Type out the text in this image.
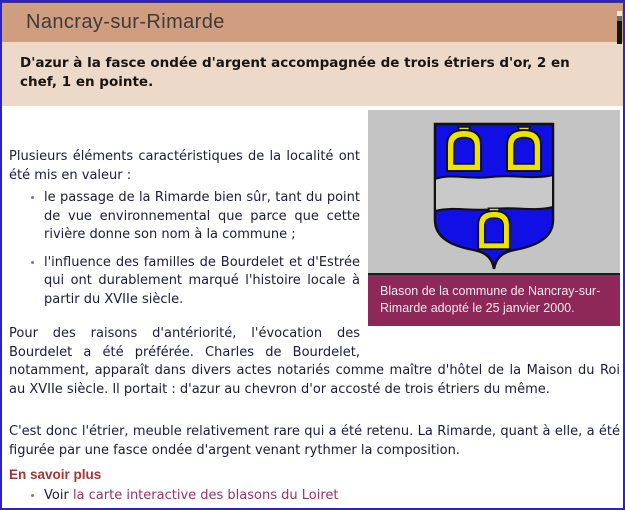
Nancray-sur-Rimarde

D'azur à la fasce ondée d'argent accompagnée de trois étriers d'or, 2 en chef, 1 en pointe.

Blason de la commune de Nancray-sur-Rimarde adopté le 25 janvier 2000.

Plusieurs éléments caractéristiques de la localité ont été mis en valeur :

• le passage de la Rimarde bien sûr, tant du point de vue environnemental que parce que cette rivière donne son nom à la commune ;
• l'influence des familles de Bourdelet et d'Estrée qui ont durablement marqué l'histoire locale à partir du XVIIe siècle.

Pour des raisons d'antériorité, l'évocation des Bourdelet a été préférée. Charles de Bourdelet, notamment, apparaît dans divers actes notariés comme maître d'hôtel de la Maison du Roi au XVIIe siècle. Il portait : d'azur au chevron d'or accosté de trois étriers du même.

C'est donc l'étrier, meuble relativement rare qui a été retenu. La Rimarde, quant à elle, a été figurée par une fasce ondée d'argent venant rythmer la composition.

En savoir plus
• Voir la carte interactive des blasons du Loiret
